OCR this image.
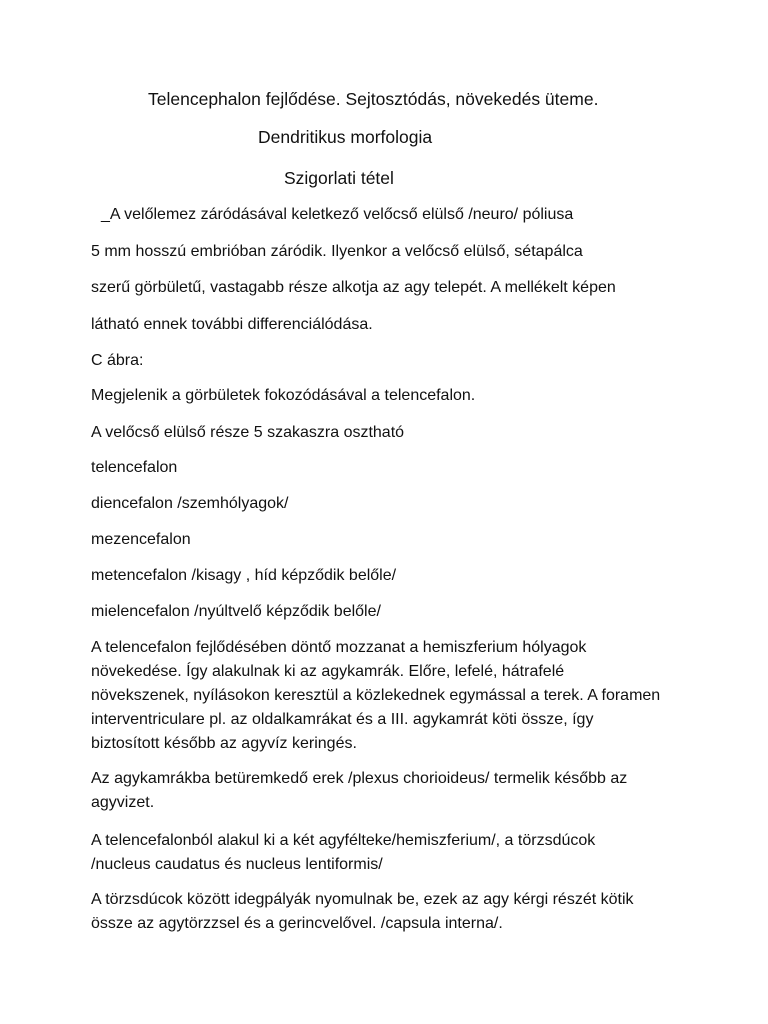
Telencephalon fejlődése. Sejtosztódás, növekedés üteme.

Dendritikus morfologia

Szigorlati tétel

_A velőlemez záródásával keletkező velőcső elülső /neuro/ póliusa

5 mm hosszú embrióban záródik. Ilyenkor a velőcső elülső, sétapálca

szerű görbületű, vastagabb része alkotja az agy telepét. A mellékelt képen

látható ennek további differenciálódása.

C ábra:

Megjelenik a görbületek fokozódásával a telencefalon.

A velőcső elülső része 5 szakaszra osztható

telencefalon

diencefalon /szemhólyagok/

mezencefalon

metencefalon /kisagy , híd képződik belőle/

mielencefalon /nyúltvelő képződik belőle/

A telencefalon fejlődésében döntő mozzanat a hemiszferium hólyagok
növekedése. Így alakulnak ki az agykamrák. Előre, lefelé, hátrafelé
növekszenek, nyílásokon keresztül a közlekednek egymással a terek. A foramen
interventriculare pl. az oldalkamrákat és a III. agykamrát köti össze, így
biztosított később az agyvíz keringés.
Az agykamrákba betüremkedő erek /plexus chorioideus/ termelik később az
agyvizet.
A telencefalonból alakul ki a két agyfélteke/hemiszferium/, a törzsdúcok
/nucleus caudatus és nucleus lentiformis/
A törzsdúcok között idegpályák nyomulnak be, ezek az agy kérgi részét kötik
össze az agytörzzsel és a gerincvelővel. /capsula interna/.
